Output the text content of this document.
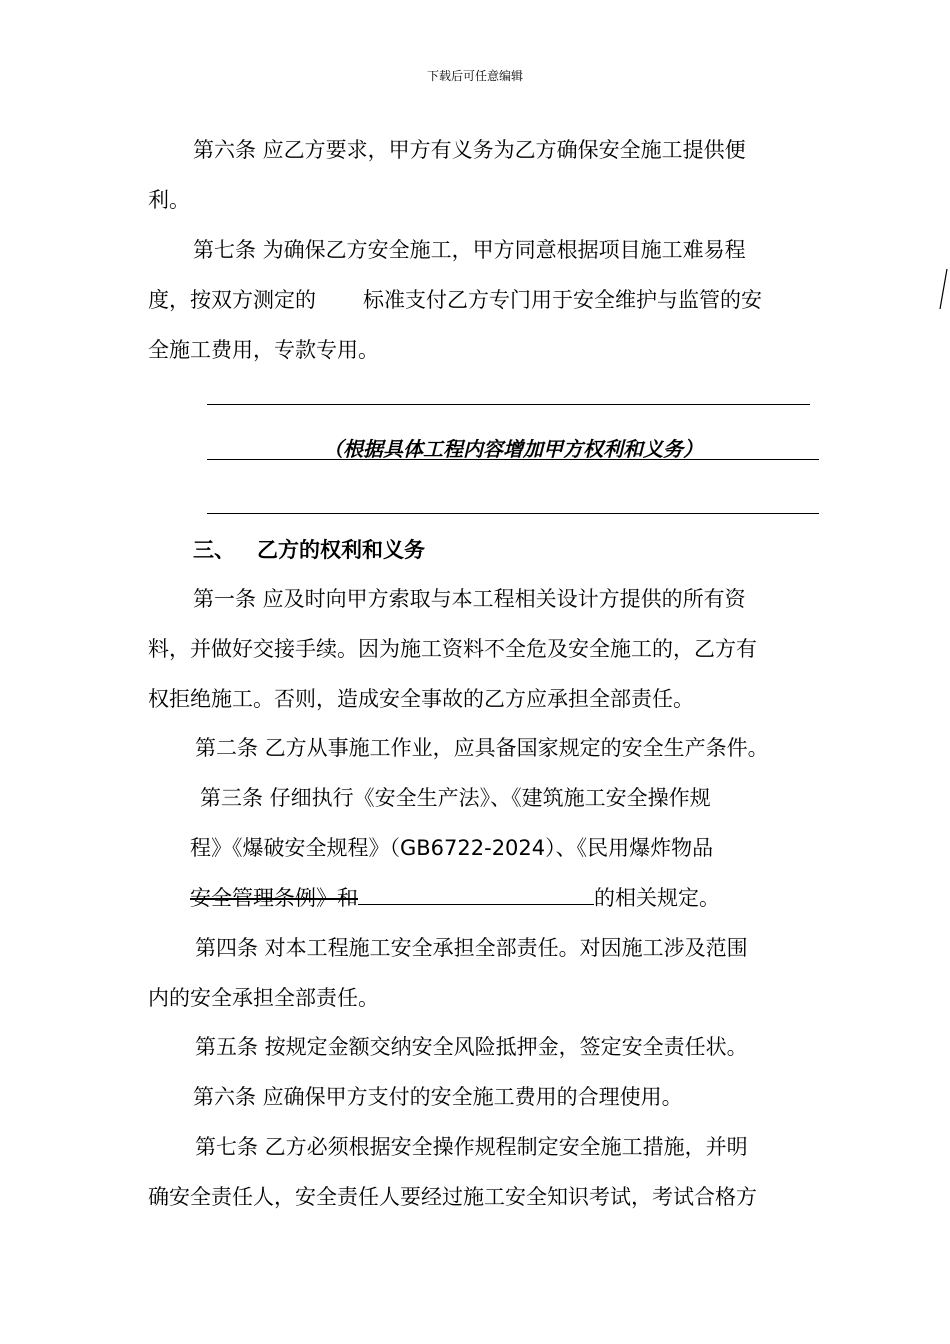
下载后可任意编辑
第六条 应乙方要求，甲方有义务为乙方确保安全施工提供便
利。
第七条 为确保乙方安全施工，甲方同意根据项目施工难易程
度，按双方测定的 标准支付乙方专门用于安全维护与监管的安
全施工费用，专款专用。
（根据具体工程内容增加甲方权利和义务）
三、 乙方的权利和义务
第一条 应及时向甲方索取与本工程相关设计方提供的所有资
料，并做好交接手续。因为施工资料不全危及安全施工的，乙方有
权拒绝施工。否则，造成安全事故的乙方应承担全部责任。
第二条 乙方从事施工作业，应具备国家规定的安全生产条件。
第三条 仔细执行《安全生产法》、《建筑施工安全操作规
程》《爆破安全规程》（GB6722-2024）、《民用爆炸物品
安全管理条例》和	的相关规定。
第四条 对本工程施工安全承担全部责任。对因施工涉及范围
内的安全承担全部责任。
第五条 按规定金额交纳安全风险抵押金，签定安全责任状。
第六条 应确保甲方支付的安全施工费用的合理使用。
第七条 乙方必须根据安全操作规程制定安全施工措施，并明
确安全责任人，安全责任人要经过施工安全知识考试，考试合格方
